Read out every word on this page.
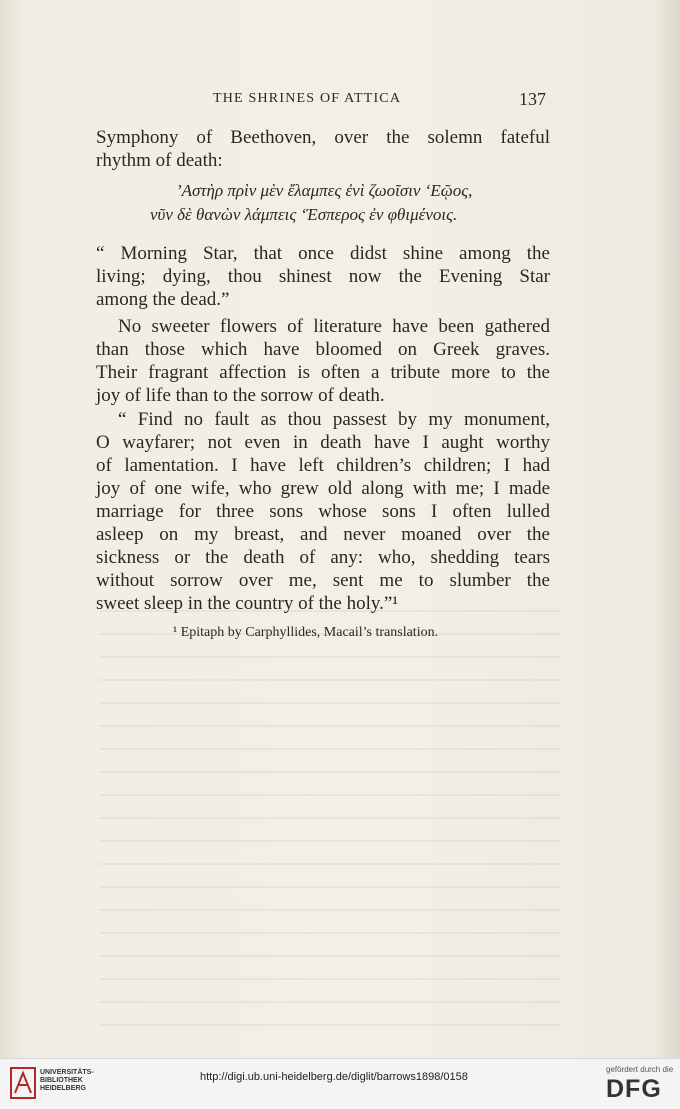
THE SHRINES OF ATTICA	137
Symphony of Beethoven, over the solemn fateful
rhythm of death:
’Αστὴρ πρὶν μὲν ἔλαμπες ἐνὶ ζωοῖσιν ‘Εῷος,
νῦν δὲ θανὼν λάμπεις ‘Έσπερος ἐν φθιμένοις.
“ Morning Star, that once didst shine among the
living; dying, thou shinest now the Evening Star
among the dead.”
No sweeter flowers of literature have been gathered
than those which have bloomed on Greek graves.
Their fragrant affection is often a tribute more to the
joy of life than to the sorrow of death.
“ Find no fault as thou passest by my monument,
O wayfarer; not even in death have I aught worthy
of lamentation. I have left children’s children; I had
joy of one wife, who grew old along with me; I made
marriage for three sons whose sons I often lulled
asleep on my breast, and never moaned over the
sickness or the death of any: who, shedding tears
without sorrow over me, sent me to slumber the
sweet sleep in the country of the holy.”¹
¹ Epitaph by Carphyllides, Macail’s translation.
UNIVERSITÄTS-
BIBLIOTHEK
HEIDELBERG
http://digi.ub.uni-heidelberg.de/diglit/barrows1898/0158
gefördert durch die
DFG
